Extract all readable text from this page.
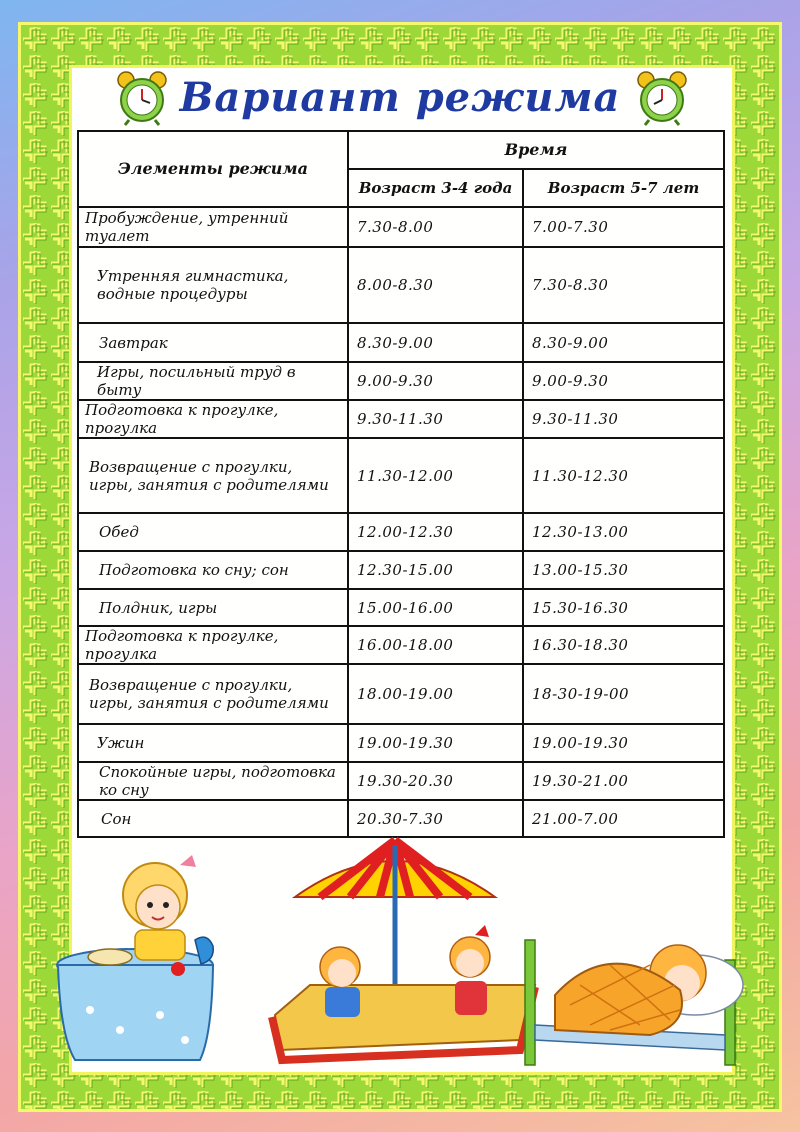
Вариант режима
Элементы режима	Время	
	Возраст 3-4 года	Возраст 5-7 лет
Пробуждение, утренний туалет	7.30-8.00	7.00-7.30
Утренняя гимнастика, водные процедуры	8.00-8.30	7.30-8.30
Завтрак	8.30-9.00	8.30-9.00
Игры, посильный труд в быту	9.00-9.30	9.00-9.30
Подготовка к прогулке, прогулка	9.30-11.30	9.30-11.30
Возвращение с прогулки, игры, занятия с родителями	11.30-12.00	11.30-12.30
Обед	12.00-12.30	12.30-13.00
Подготовка ко сну; сон	12.30-15.00	13.00-15.30
Полдник, игры	15.00-16.00	15.30-16.30
Подготовка к прогулке, прогулка	16.00-18.00	16.30-18.30
Возвращение с прогулки, игры, занятия с родителями	18.00-19.00	18-30-19-00
Ужин	19.00-19.30	19.00-19.30
Спокойные игры, подготовка ко сну	19.30-20.30	19.30-21.00
Сон	20.30-7.30	21.00-7.00
